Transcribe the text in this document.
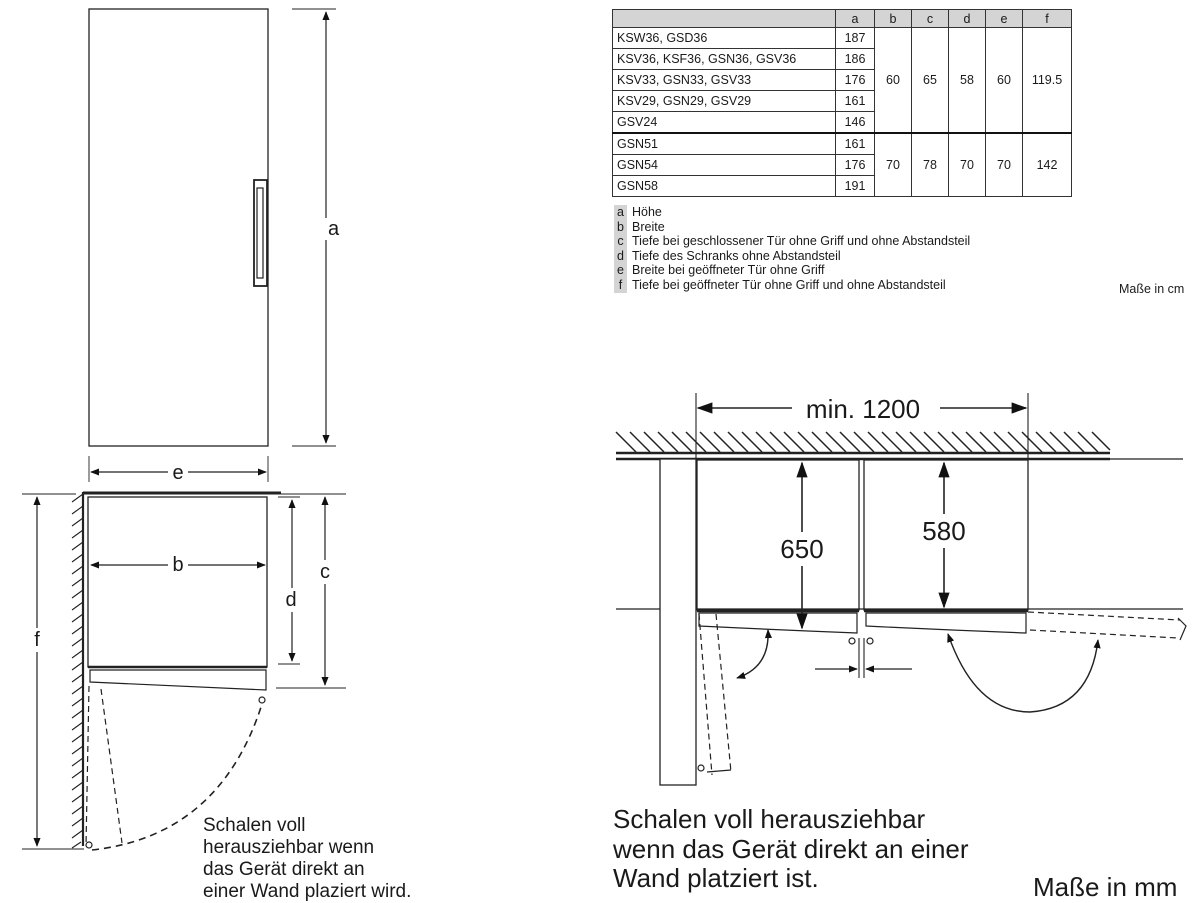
a
e
b
d
c
f
min. 1200
650
580
	a	b	c	d	e	f
KSW36, GSD36	187	60	65	58	60	119.5
KSV36, KSF36, GSN36, GSV36	186					
KSV33, GSN33, GSV33	176					
KSV29, GSN29, GSV29	161					
GSV24	146					
GSN51	161	70	78	70	70	142
GSN54	176					
GSN58	191					
a Höhe
b Breite
c Tiefe bei geschlossener Tür ohne Griff und ohne Abstandsteil
d Tiefe des Schranks ohne Abstandsteil
e Breite bei geöffneter Tür ohne Griff
f Tiefe bei geöffneter Tür ohne Griff und ohne Abstandsteil	Maße in cm
Schalen voll
herausziehbar wenn
das Gerät direkt an
einer Wand plaziert wird.
Schalen voll herausziehbar
wenn das Gerät direkt an einer
Wand platziert ist.	Maße in mm
